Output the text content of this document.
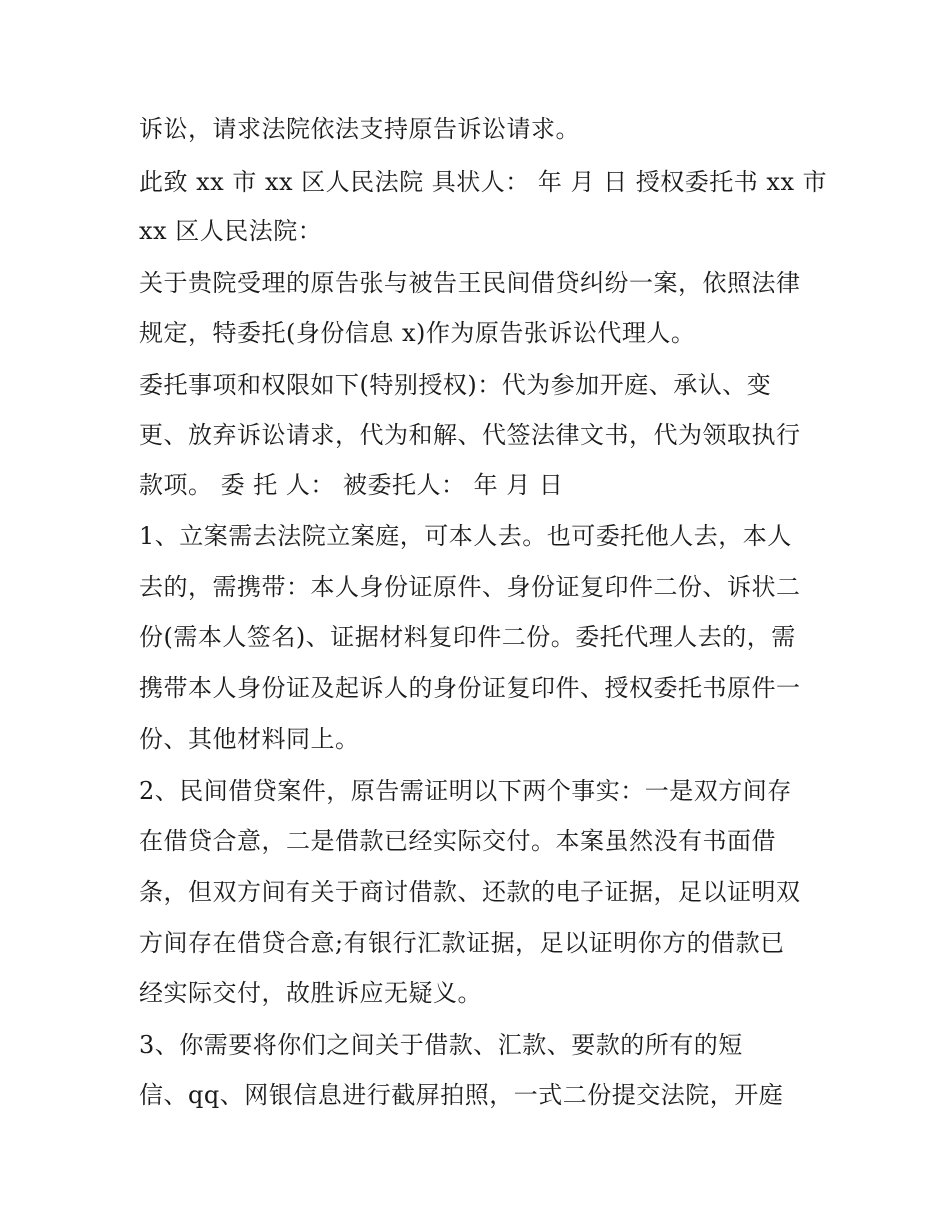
诉讼，请求法院依法支持原告诉讼请求。
此致 xx 市 xx 区人民法院 具状人： 年 月 日 授权委托书 xx 市
xx 区人民法院：
关于贵院受理的原告张与被告王民间借贷纠纷一案，依照法律
规定，特委托(身份信息 x)作为原告张诉讼代理人。
委托事项和权限如下(特别授权)：代为参加开庭、承认、变
更、放弃诉讼请求，代为和解、代签法律文书，代为领取执行
款项。 委 托 人： 被委托人： 年 月 日
1、立案需去法院立案庭，可本人去。也可委托他人去，本人
去的，需携带：本人身份证原件、身份证复印件二份、诉状二
份(需本人签名)、证据材料复印件二份。委托代理人去的，需
携带本人身份证及起诉人的身份证复印件、授权委托书原件一
份、其他材料同上。
2、民间借贷案件，原告需证明以下两个事实：一是双方间存
在借贷合意，二是借款已经实际交付。本案虽然没有书面借
条，但双方间有关于商讨借款、还款的电子证据，足以证明双
方间存在借贷合意;有银行汇款证据，足以证明你方的借款已
经实际交付，故胜诉应无疑义。
3、你需要将你们之间关于借款、汇款、要款的所有的短
信、qq、网银信息进行截屏拍照，一式二份提交法院，开庭
